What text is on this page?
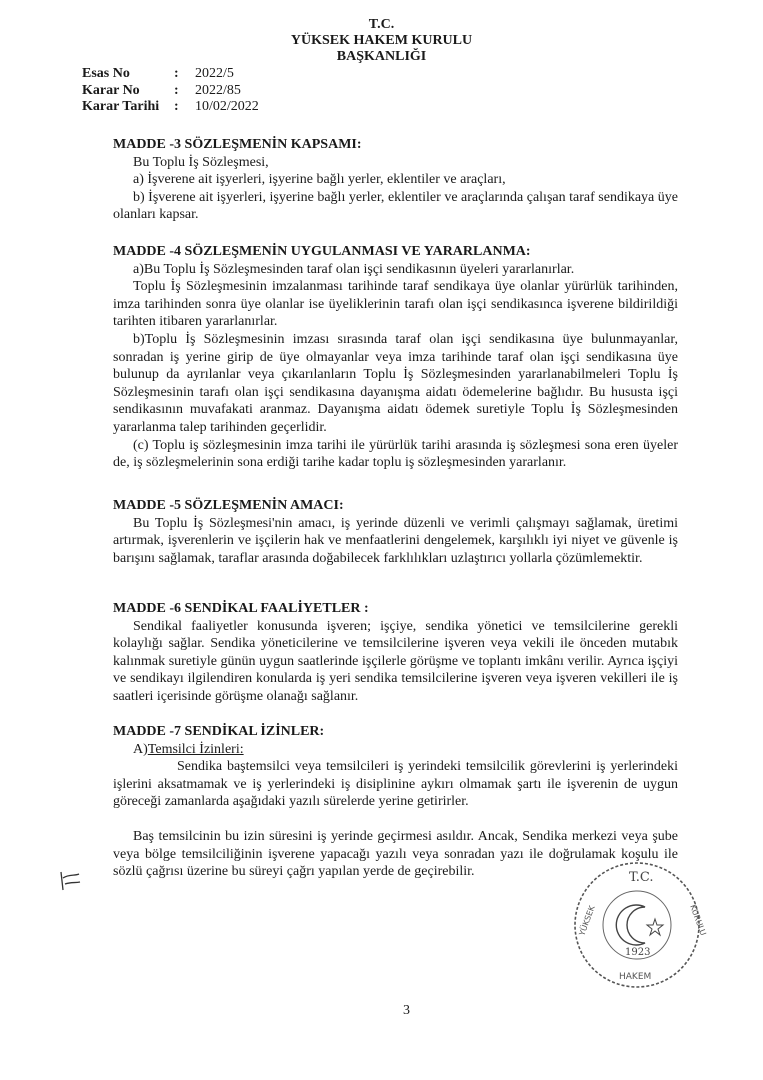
T.C.
YÜKSEK HAKEM KURULU
BAŞKANLIĞI
Esas No	:	2022/5
Karar No	:	2022/85
Karar Tarihi	:	10/02/2022
MADDE -3 SÖZLEŞMENİN KAPSAMI:
Bu Toplu İş Sözleşmesi,
a) İşverene ait işyerleri, işyerine bağlı yerler, eklentiler ve araçları,
b) İşverene ait işyerleri, işyerine bağlı yerler, eklentiler ve araçlarında çalışan taraf sendikaya üye olanları kapsar.
MADDE -4 SÖZLEŞMENİN UYGULANMASI VE YARARLANMA:
a)Bu Toplu İş Sözleşmesinden taraf olan işçi sendikasının üyeleri yararlanırlar.
Toplu İş Sözleşmesinin imzalanması tarihinde taraf sendikaya üye olanlar yürürlük tarihinden, imza tarihinden sonra üye olanlar ise üyeliklerinin tarafı olan işçi sendikasınca işverene bildirildiği tarihten itibaren yararlanırlar.
b)Toplu İş Sözleşmesinin imzası sırasında taraf olan işçi sendikasına üye bulunmayanlar, sonradan iş yerine girip de üye olmayanlar veya imza tarihinde taraf olan işçi sendikasına üye bulunup da ayrılanlar veya çıkarılanların Toplu İş Sözleşmesinden yararlanabilmeleri Toplu İş Sözleşmesinin tarafı olan işçi sendikasına dayanışma aidatı ödemelerine bağlıdır. Bu hususta işçi sendikasının muvafakati aranmaz. Dayanışma aidatı ödemek suretiyle Toplu İş Sözleşmesinden yararlanma talep tarihinden geçerlidir.
(c) Toplu iş sözleşmesinin imza tarihi ile yürürlük tarihi arasında iş sözleşmesi sona eren üyeler de, iş sözleşmelerinin sona erdiği tarihe kadar toplu iş sözleşmesinden yararlanır.
MADDE -5 SÖZLEŞMENİN AMACI:
Bu Toplu İş Sözleşmesi'nin amacı, iş yerinde düzenli ve verimli çalışmayı sağlamak, üretimi artırmak, işverenlerin ve işçilerin hak ve menfaatlerini dengelemek, karşılıklı iyi niyet ve güvenle iş barışını sağlamak, taraflar arasında doğabilecek farklılıkları uzlaştırıcı yollarla çözümlemektir.
MADDE -6 SENDİKAL FAALİYETLER :
Sendikal faaliyetler konusunda işveren; işçiye, sendika yönetici ve temsilcilerine gerekli kolaylığı sağlar. Sendika yöneticilerine ve temsilcilerine işveren veya vekili ile önceden mutabık kalınmak suretiyle günün uygun saatlerinde işçilerle görüşme ve toplantı imkânı verilir. Ayrıca işçiyi ve sendikayı ilgilendiren konularda iş yeri sendika temsilcilerine işveren veya işveren vekilleri ile iş saatleri içerisinde görüşme olanağı sağlanır.
MADDE -7 SENDİKAL İZİNLER:
A)Temsilci İzinleri:
Sendika baştemsilci veya temsilcileri iş yerindeki temsilcilik görevlerini iş yerlerindeki işlerini aksatmamak ve iş yerlerindeki iş disiplinine aykırı olmamak şartı ile işverenin de uygun göreceği zamanlarda aşağıdaki yazılı sürelerde yerine getirirler.
Baş temsilcinin bu izin süresini iş yerinde geçirmesi asıldır. Ancak, Sendika merkezi veya şube veya bölge temsilciliğinin işverene yapacağı yazılı veya sonradan yazı ile doğrulamak koşulu ile sözlü çağrısı üzerine bu süreyi çağrı yapılan yerde de geçirebilir.	T.C.
1923
YÜKSEK	KURULU
HAKEM
3
